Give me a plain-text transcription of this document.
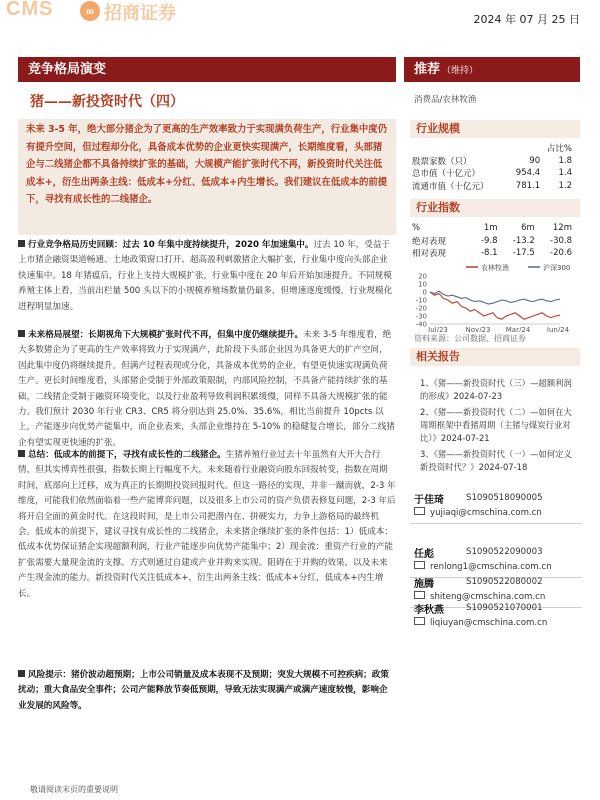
CMS	m 招商证券	2024 年 07 月 25 日
竞争格局演变
猪——新投资时代（四）
未来 3-5 年，绝大部分猪企为了更高的生产效率致力于实现满负荷生产，行业集中度仍有提升空间，但过程却分化，具备成本优势的企业更快实现满产，长期维度看，头部猪企与二线猪企都不具备持续扩张的基础，大规模产能扩张时代不再，新投资时代关注低成本+，衍生出两条主线：低成本+分红、低成本+内生增长。我们建议在低成本的前提下，寻找有成长性的二线猪企。
行业竞争格局历史回顾：过去 10 年集中度持续提升，2020 年加速集中。过去 10 年，受益于上市猪企融资渠道畅通、土地政策窗口打开、超高盈利刺激猪企大幅扩张，行业集中度向头部企业快速集中。18 年猪瘟后，行业上支持大规模扩张，行业集中度在 20 年后开始加速提升。不同规模养殖主体上看，当前出栏量 500 头以下的小规模养殖场数量仍最多，但增速逐度缓慢，行业规模化进程明显加速。
未来格局展望：长期视角下大规模扩张时代不再，但集中度仍继续提升。未来 3-5 年维度看，绝大多数猪企为了更高的生产效率将致力于实现满产，此阶段下头部企业因为具备更大的扩产空间，因此集中度仍将继续提升。但满产过程表现或分化，具备成本优势的企业，有望更快速实现满负荷生产。更长时间维度看，头部猪企受制于外部政策限制，内部风险控制，不具备产能持续扩张的基础，二线猪企受制于融资环境变化，以及行业盈利导致利润积累缓慢，同样不具备大规模扩张的能力。我们预计 2030 年行业 CR3、CR5 将分别达到 25.0%、35.6%，相比当前提升 10pcts 以上，产能逐步向优势产能集中，而企业表来，头部企业维持在 5-10% 的稳健复合增长，部分二线猪企有望实现更快速的扩张。
总结：低成本的前提下，寻找有成长性的二线猪企。生猪养殖行业过去十年虽然有大开大合行情，但其实博弈性很强，指数长期上行幅度不大，未来随着行业融资向股东回报转变，指数在周期时间，底部向上迁移，成为真正的长期期投资回报时代。但这一路径的实现，并非一蹴而就，2-3 年维度，可能我们依然面临着一些产能博弈问题，以及很多上市公司的资产负债表修复问题，2-3 年后将开启全面的黄金时代。在这段时间，是上市公司把潜内在、拼硬实力，力争上游格局的最终机会。低成本的前提下，建议寻找有成长性的二线猪企，未来猪企继续扩张的条件包括：1）低成本：低成本优势保证猪企实现超额利润，行业产能逐步向优势产能集中；2）现金流：重资产行业的产能扩张需要大量现金流的支撑。方式则通过自建或产业并购来实现。阻碍在于并购的效果，以及未来产生现金流的能力。新投资时代关注低成本+，衍生出两条主线：低成本+分红，低成本+内生增长。
风险提示：猪价波动超预期；上市公司销量及成本表现不及预期；突发大规模不可控疾病；政策扰动；重大食品安全事件；公司产能释放节奏低预期，导致无法实现满产或满产速度较慢，影响企业发展的风险等。
敬请阅读末页的重要说明
推荐 （维持）
消费品/农林牧渔
行业规模
		占比%
股票家数（只）	90	1.8
总市值（十亿元）	954.4	1.4
流通市值（十亿元）	781.1	1.2
行业指数
%	1m	6m	12m
绝对表现	-9.8	-13.2	-30.8
相对表现	-8.1	-17.5	-20.6
农林牧渔	沪深300
20
10
0
-10
-20
-30
-40
Jul/23	Nov/23 Mar/24 Jun/24
资料来源：公司数据、招商证券
相关报告
1、《猪——新投资时代（三）—超额利润的形成》2024-07-23
2、《猪——新投资时代（二）—如何在大周期框架中看猪周期（主猪与煤炭行业对比）》2024-07-21
3、《猪——新投资时代（一）—如何定义新投资时代？》2024-07-18
于佳琦	S1090518090005
yujiaqi@cmschina.com.cn
任彪	S1090522090003
renlong1@cmschina.com.cn
施腾	S1090522080002
shiteng@cmschina.com.cn
李秋燕	S1090521070001
liqiuyan@cmschina.com.cn
